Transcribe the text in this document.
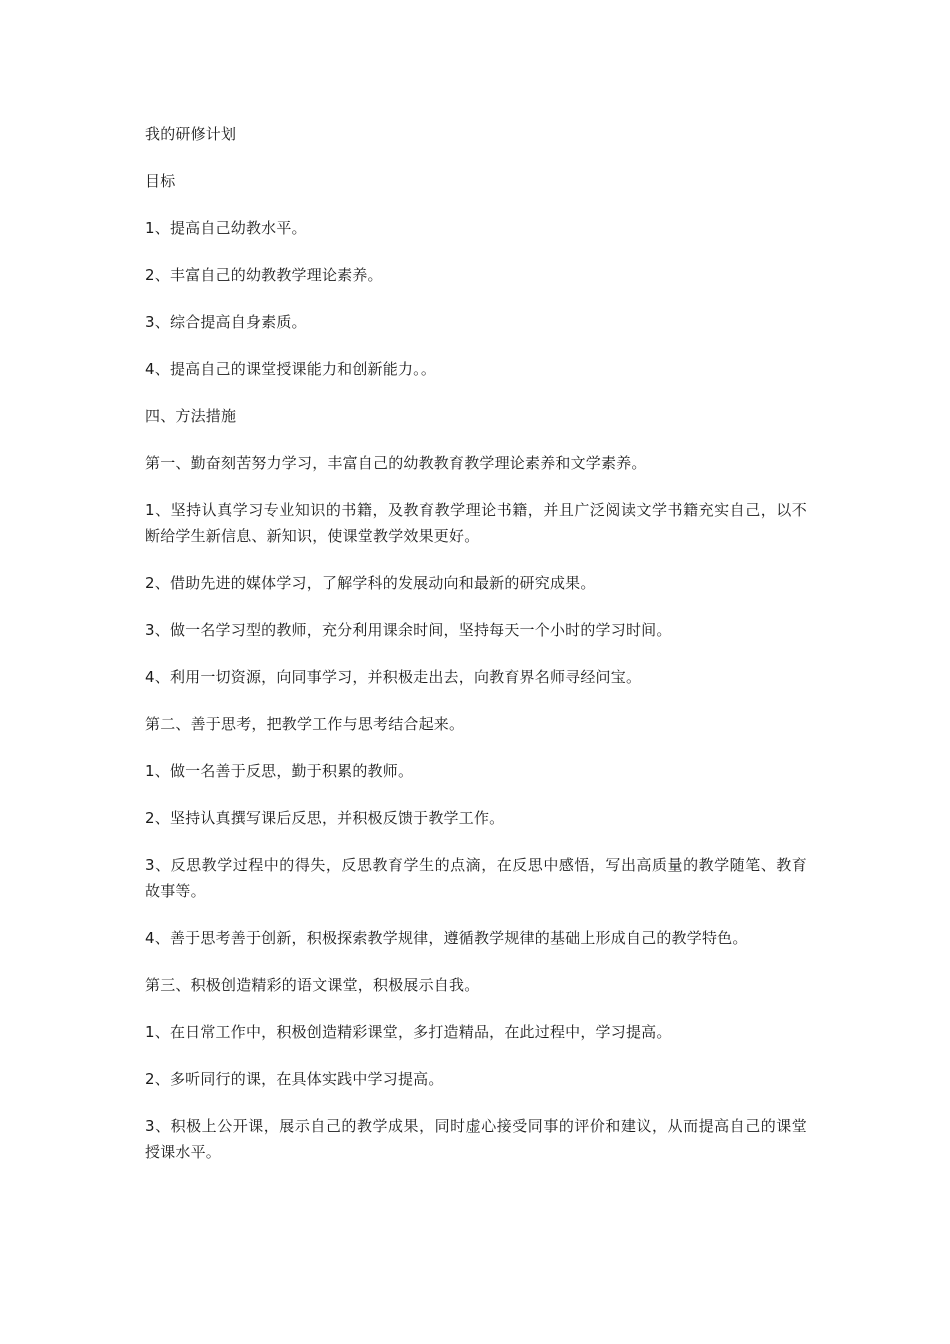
我的研修计划

目标

1、提高自己幼教水平。

2、丰富自己的幼教教学理论素养。

3、综合提高自身素质。

4、提高自己的课堂授课能力和创新能力。。

四、方法措施

第一、勤奋刻苦努力学习，丰富自己的幼教教育教学理论素养和文学素养。

1、坚持认真学习专业知识的书籍，及教育教学理论书籍，并且广泛阅读文学书籍充实自己，以不断给学生新信息、新知识，使课堂教学效果更好。

2、借助先进的媒体学习，了解学科的发展动向和最新的研究成果。

3、做一名学习型的教师，充分利用课余时间，坚持每天一个小时的学习时间。

4、利用一切资源，向同事学习，并积极走出去，向教育界名师寻经问宝。

第二、善于思考，把教学工作与思考结合起来。

1、做一名善于反思，勤于积累的教师。

2、坚持认真撰写课后反思，并积极反馈于教学工作。

3、反思教学过程中的得失，反思教育学生的点滴，在反思中感悟，写出高质量的教学随笔、教育故事等。

4、善于思考善于创新，积极探索教学规律，遵循教学规律的基础上形成自己的教学特色。

第三、积极创造精彩的语文课堂，积极展示自我。

1、在日常工作中，积极创造精彩课堂，多打造精品，在此过程中，学习提高。

2、多听同行的课，在具体实践中学习提高。

3、积极上公开课，展示自己的教学成果，同时虚心接受同事的评价和建议，从而提高自己的课堂授课水平。
